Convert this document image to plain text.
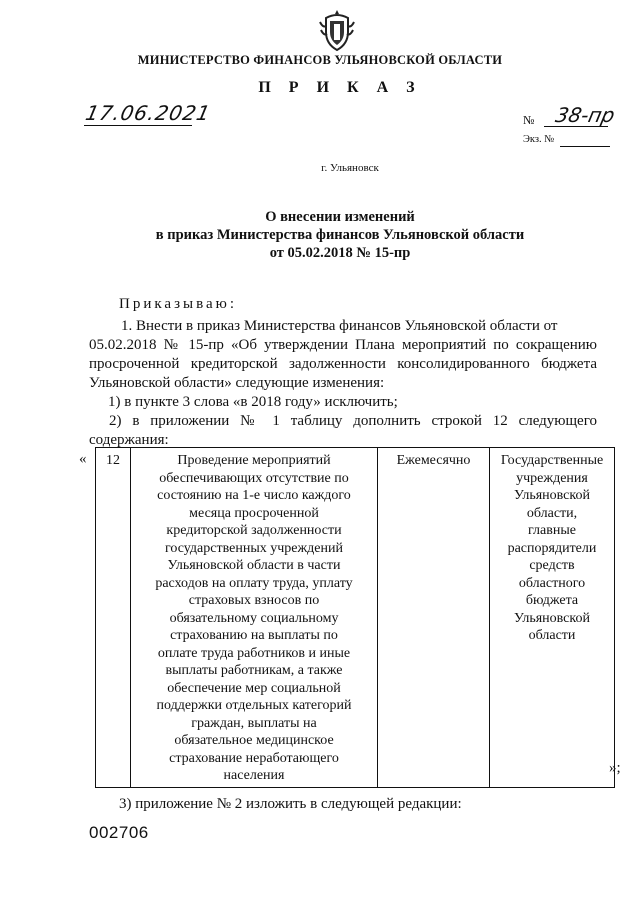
МИНИСТЕРСТВО ФИНАНСОВ УЛЬЯНОВСКОЙ ОБЛАСТИ
П Р И К А З
17.06.2021	№ 38-пр
Экз. №
г. Ульяновск
О внесении изменений
в приказ Министерства финансов Ульяновской области
от 05.02.2018 № 15-пр
Приказываю:
1. Внести в приказ Министерства финансов Ульяновской области от
05.02.2018 № 15-пр «Об утверждении Плана мероприятий по сокращению
просроченной кредиторской задолженности консолидированного бюджета
Ульяновской области» следующие изменения:
1) в пункте 3 слова «в 2018 году» исключить;
2) в приложении № 1 таблицу дополнить строкой 12 следующего
содержания:
« 12	Проведение мероприятий
обеспечивающих отсутствие по
состоянию на 1-е число каждого
месяца просроченной
кредиторской задолженности
государственных учреждений
Ульяновской области в части
расходов на оплату труда, уплату
страховых взносов по
обязательному социальному
страхованию на выплаты по
оплате труда работников и иные
выплаты работникам, а также
обеспечение мер социальной
поддержки отдельных категорий
граждан, выплаты на
обязательное медицинское
страхование неработающего
населения
	Ежемесячно	Государственные
учреждения
Ульяновской
области,
главные
распорядители
средств
областного
бюджета
Ульяновской
области
»;
3) приложение № 2 изложить в следующей редакции:
002706
